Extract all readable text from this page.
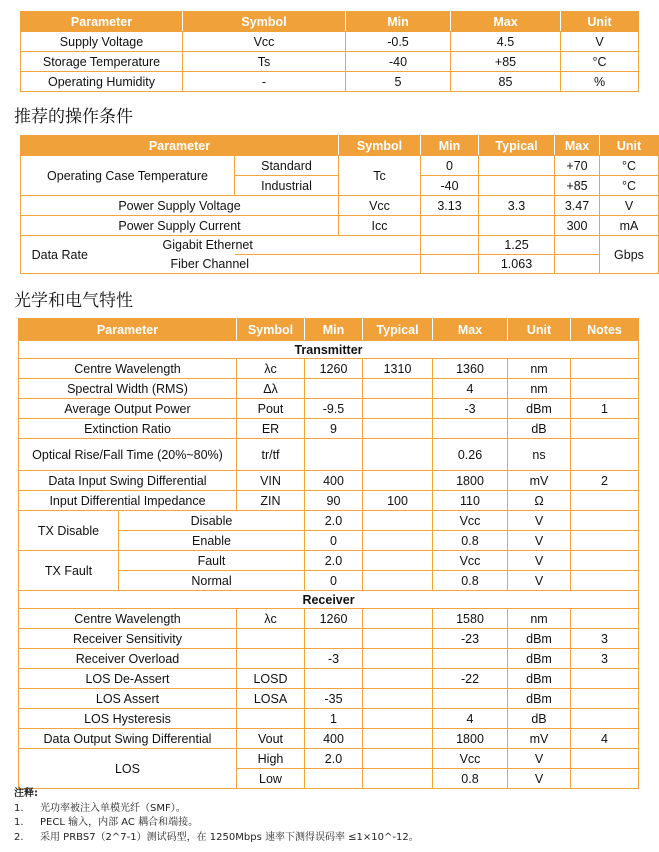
Parameter	Symbol	Min	Max	Unit
Supply Voltage	Vcc	-0.5	4.5	V
Storage Temperature	Ts	-40	+85	°C
Operating Humidity	-	5	85	%
推荐的操作条件
Parameter		Symbol	Min	Typical	Max	Unit
Operating Case Temperature	Standard	Tc	0		+70	°C
	Industrial		-40		+85	°C
Power Supply Voltage		Vcc	3.13	3.3	3.47	V
Power Supply Current		Icc			300	mA
Data Rate	Gigabit Ethernet			1.25		Gbps
	Fiber Channel			1.063		
光学和电气特性
Parameter		Symbol	Min	Typical	Max	Unit	Notes
Transmitter							
Centre Wavelength		λc	1260	1310	1360	nm	
Spectral Width (RMS)		Δλ			4	nm	
Average Output Power		Pout	-9.5		-3	dBm	1
Extinction Ratio		ER	9			dB	
Optical Rise/Fall Time (20%~80%)		tr/tf			0.26	ns	
Data Input Swing Differential		VIN	400		1800	mV	2
Input Differential Impedance		ZIN	90	100	110	Ω	
TX Disable	Disable		2.0		Vcc	V	
	Enable		0		0.8	V	
TX Fault	Fault		2.0		Vcc	V	
	Normal		0		0.8	V	
Receiver							
Centre Wavelength		λc	1260		1580	nm	
Receiver Sensitivity					-23	dBm	3
Receiver Overload			-3			dBm	3
LOS De-Assert		LOSD			-22	dBm	
LOS Assert		LOSA	-35			dBm	
LOS Hysteresis			1		4	dB	
Data Output Swing Differential		Vout	400		1800	mV	4
LOS		High	2.0		Vcc	V	
		Low			0.8	V	
注释:
1. 光功率被注入单模光纤（SMF）。
1. PECL 输入，内部 AC 耦合和端接。
2. 采用 PRBS7（2^7-1）测试码型，在 1250Mbps 速率下测得误码率 ≤1×10^-12。
